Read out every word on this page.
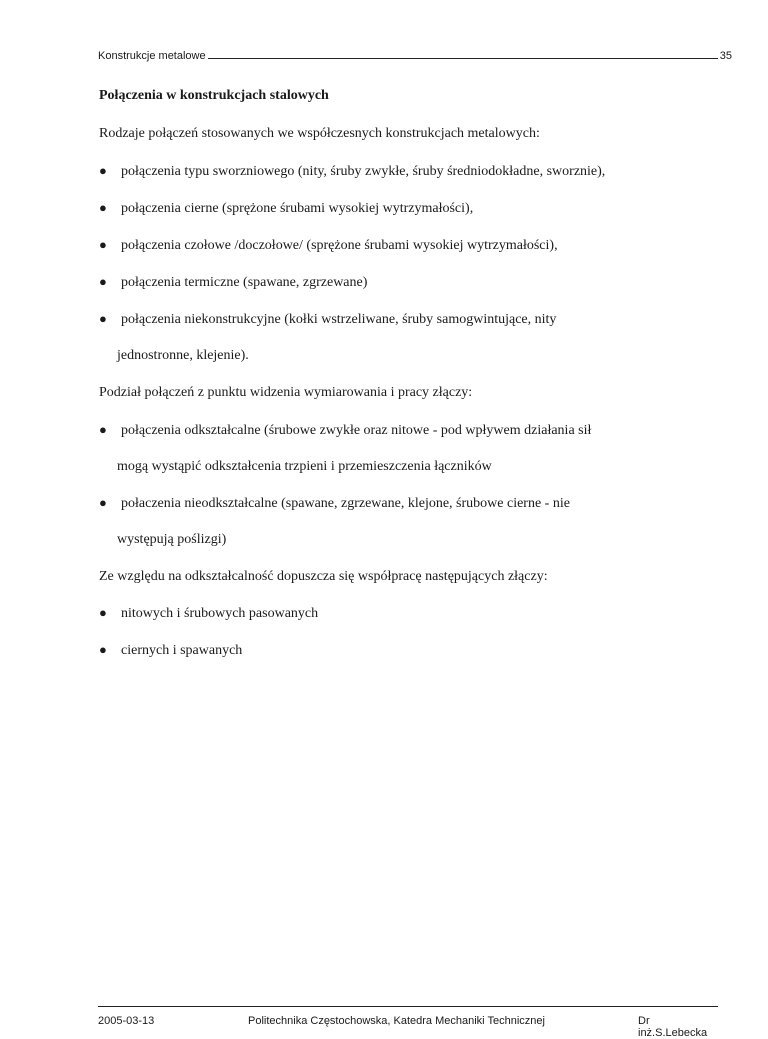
Konstrukcje metalowe	35
Połączenia w konstrukcjach stalowych
Rodzaje połączeń stosowanych we współczesnych konstrukcjach metalowych:
● połączenia typu sworzniowego (nity, śruby zwykłe, śruby średniodokładne, sworznie),
● połączenia cierne (sprężone śrubami wysokiej wytrzymałości),
● połączenia czołowe /doczołowe/ (sprężone śrubami wysokiej wytrzymałości),
● połączenia termiczne (spawane, zgrzewane)
● połączenia niekonstrukcyjne (kołki wstrzeliwane, śruby samogwintujące, nity
jednostronne, klejenie).
Podział połączeń z punktu widzenia wymiarowania i pracy złączy:
● połączenia odkształcalne (śrubowe zwykłe oraz nitowe - pod wpływem działania sił
mogą wystąpić odkształcenia trzpieni i przemieszczenia łączników
● połaczenia nieodkształcalne (spawane, zgrzewane, klejone, śrubowe cierne - nie
występują poślizgi)
Ze względu na odkształcalność dopuszcza się współpracę następujących złączy:
● nitowych i śrubowych pasowanych
● ciernych i spawanych
2005-03-13	Politechnika Częstochowska, Katedra Mechaniki Technicznej	Dr inż.S.Lebecka
